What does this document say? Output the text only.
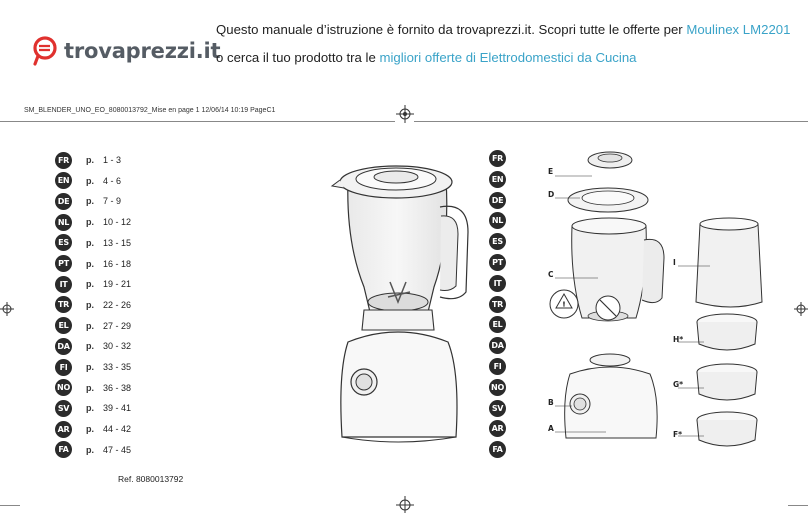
trovaprezzi.it
Questo manuale d’istruzione è fornito da trovaprezzi.it. Scopri tutte le offerte per Moulinex LM2201
o cerca il tuo prodotto tra le migliori offerte di Elettrodomestici da Cucina
SM_BLENDER_UNO_EO_8080013792_Mise en page 1 12/06/14 10:19 PageC1
FR	p. 1 - 3
EN	p. 4 - 6
DE	p. 7 - 9
NL	p. 10 - 12
ES	p. 13 - 15
PT	p. 16 - 18
IT	p. 19 - 21
TR	p. 22 - 26
EL	p. 27 - 29
DA p. 30 - 32
FI	p. 33 - 35
NO p. 36 - 38
SV	p. 39 - 41
AR p. 44 - 42
FA	p. 47 - 45
Ref. 8080013792
FR
EN
DE
NL
ES
PT
IT
TR
EL
DA
FI
NO
SV
AR
FA
!
E
D
C
B
A
I
H*
G*
F*
